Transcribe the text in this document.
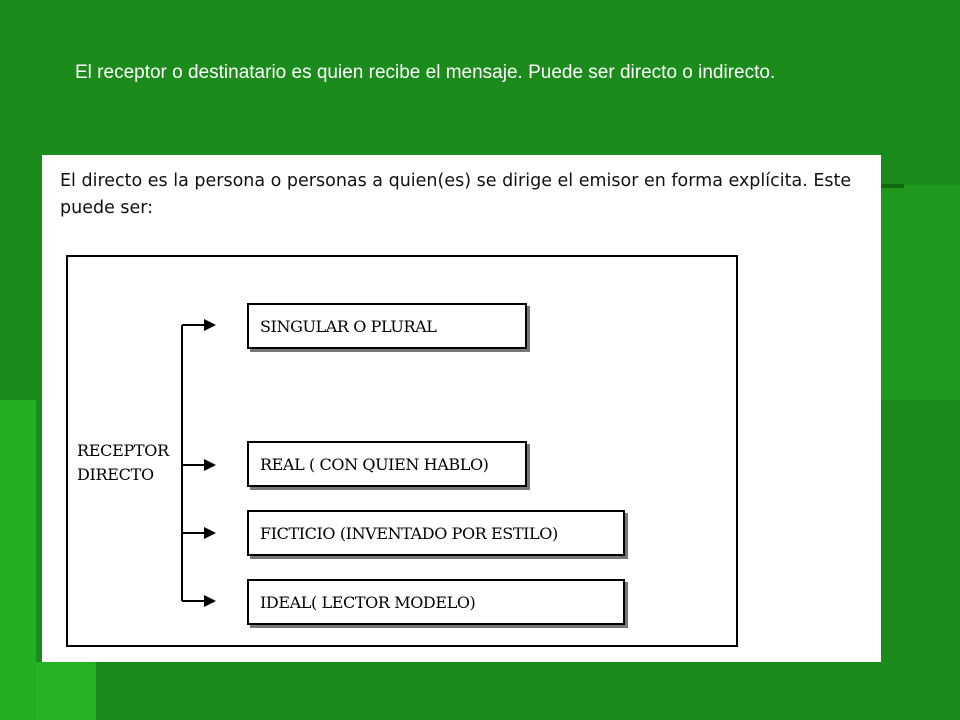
El receptor o destinatario es quien recibe el mensaje. Puede ser directo o indirecto.
El directo es la persona o personas a quien(es) se dirige el emisor en forma explícita. Este puede ser:
RECEPTOR
DIRECTO
SINGULAR O PLURAL
REAL ( CON QUIEN HABLO)
FICTICIO (INVENTADO POR ESTILO)
IDEAL( LECTOR MODELO)
